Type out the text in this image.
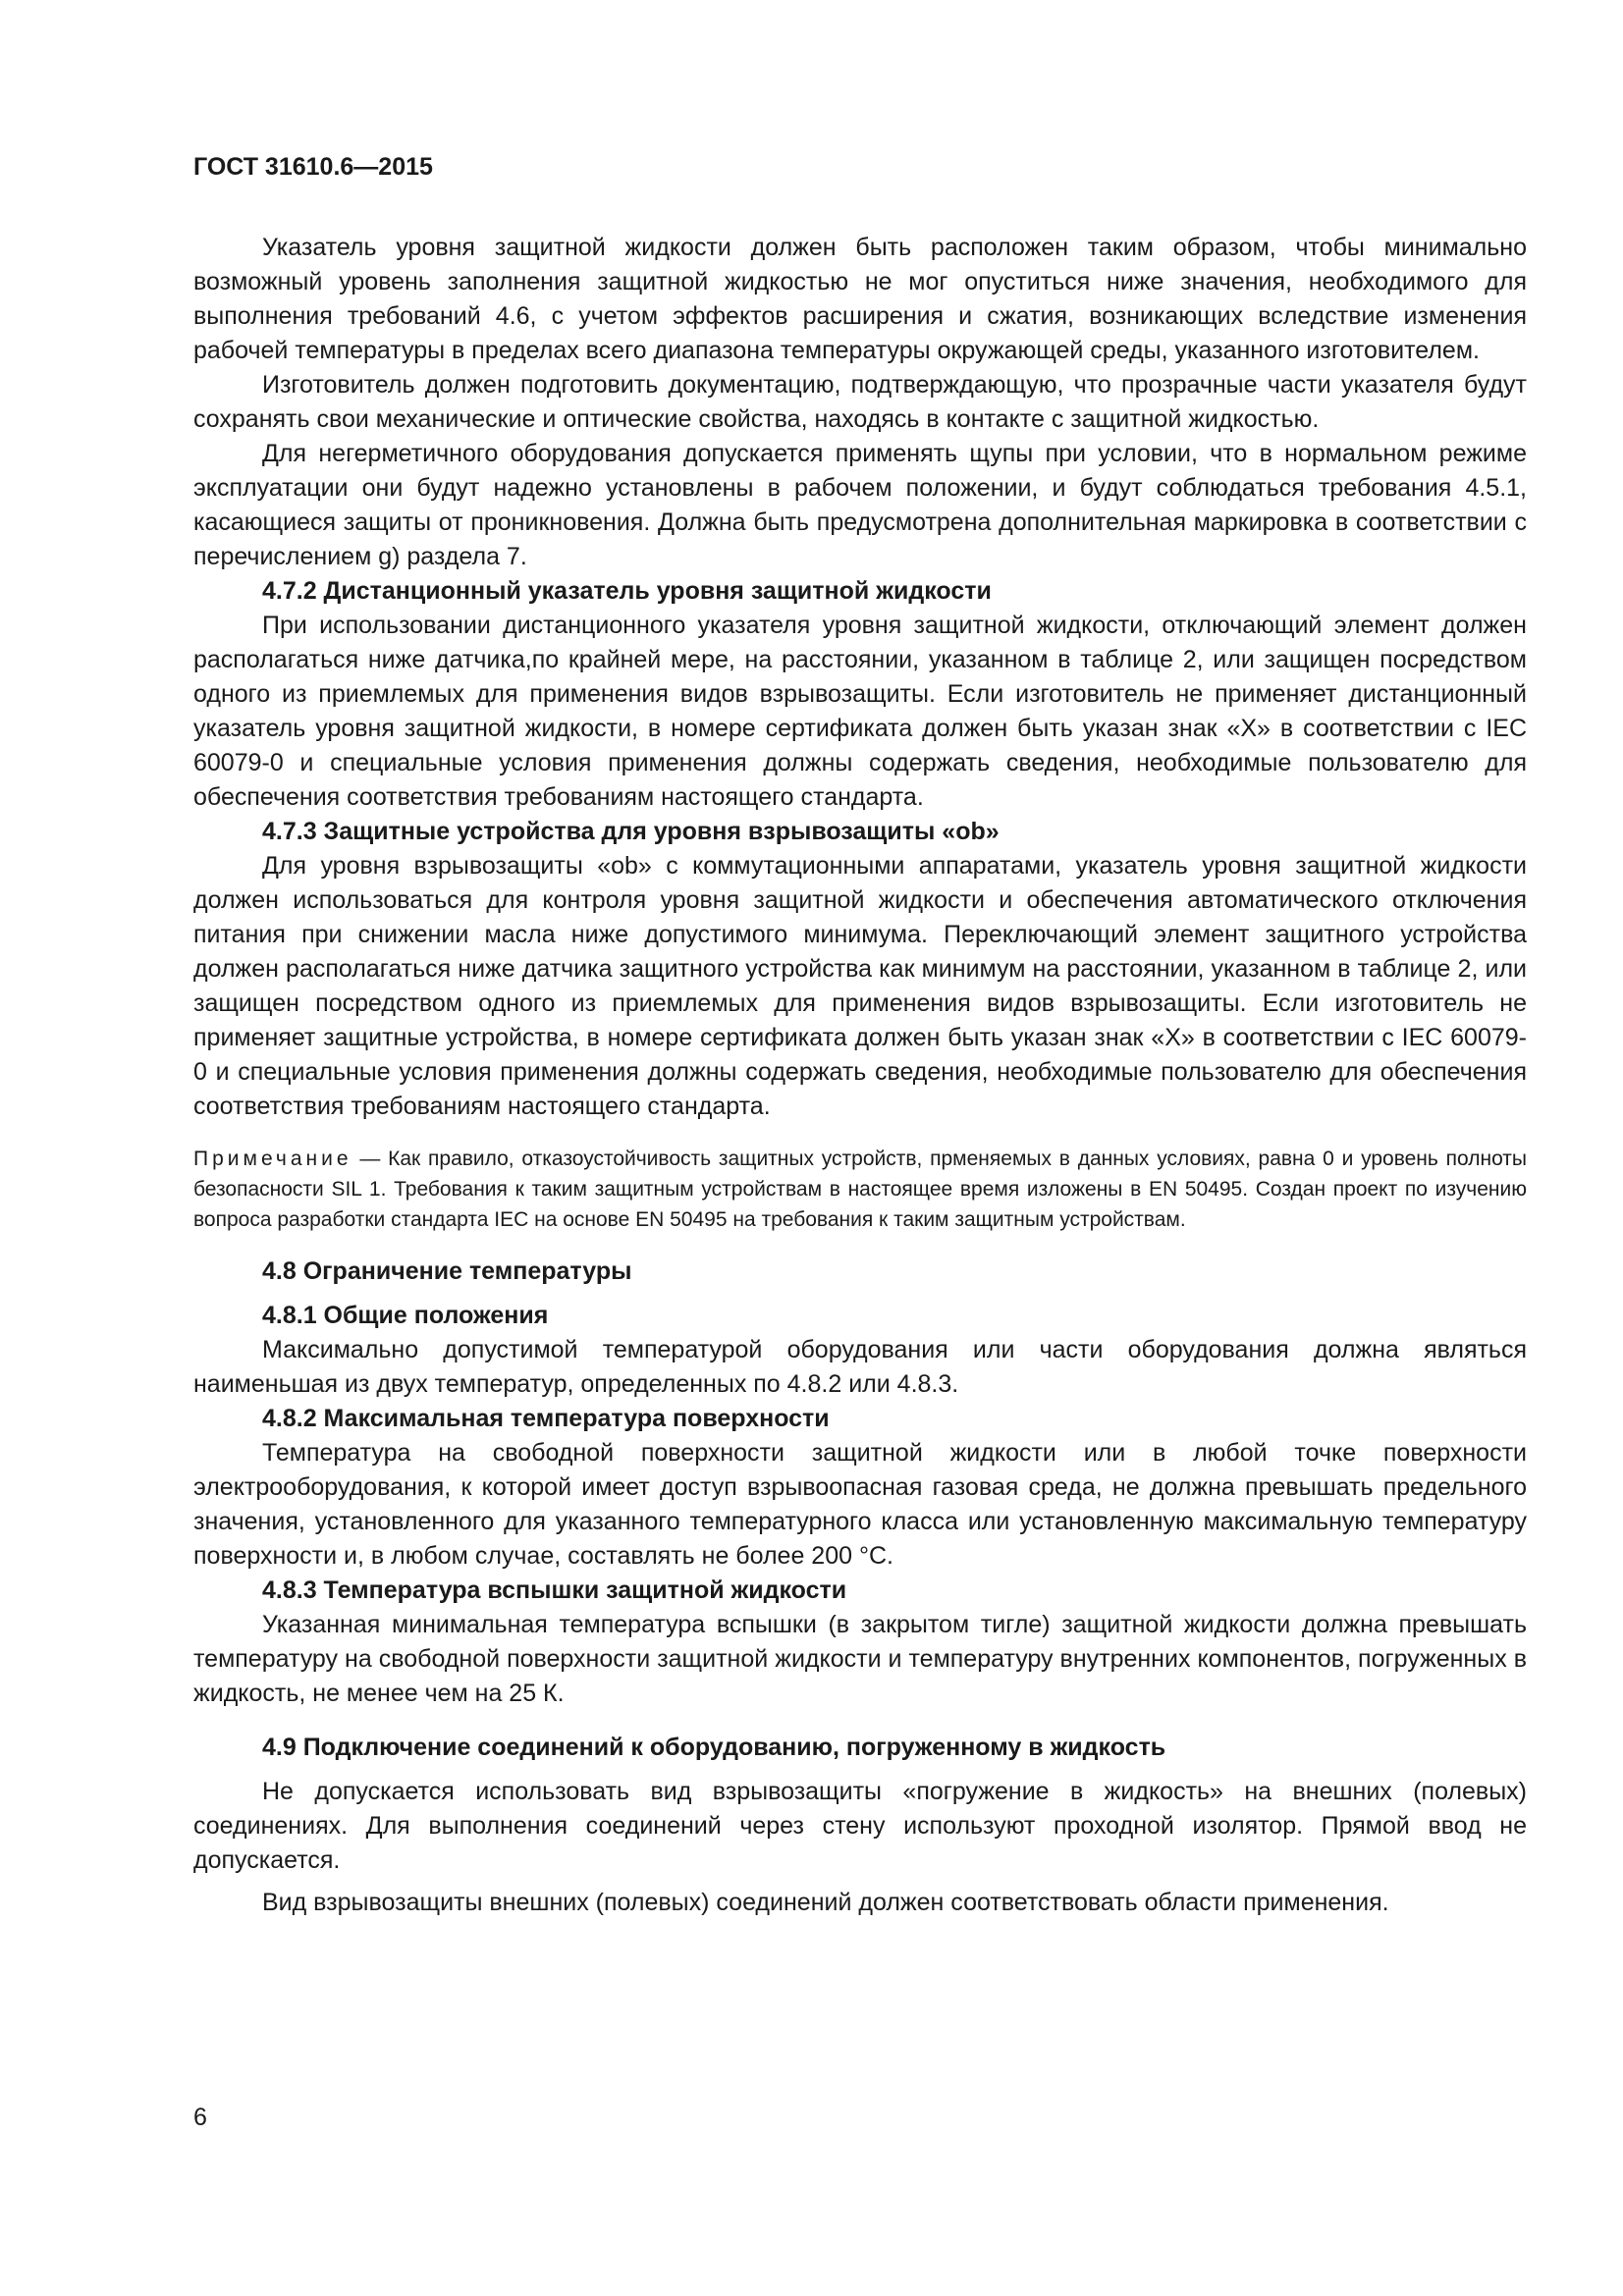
ГОСТ 31610.6—2015

Указатель уровня защитной жидкости должен быть расположен таким образом, чтобы минимально возможный уровень заполнения защитной жидкостью не мог опуститься ниже значения, необходимого для выполнения требований 4.6, с учетом эффектов расширения и сжатия, возникающих вследствие изменения рабочей температуры в пределах всего диапазона температуры окружающей среды, указанного изготовителем.

Изготовитель должен подготовить документацию, подтверждающую, что прозрачные части указателя будут сохранять свои механические и оптические свойства, находясь в контакте с защитной жидкостью.

Для негерметичного оборудования допускается применять щупы при условии, что в нормальном режиме эксплуатации они будут надежно установлены в рабочем положении, и будут соблюдаться требования 4.5.1, касающиеся защиты от проникновения. Должна быть предусмотрена дополнительная маркировка в соответствии с перечислением g) раздела 7.

4.7.2 Дистанционный указатель уровня защитной жидкости

При использовании дистанционного указателя уровня защитной жидкости, отключающий элемент должен располагаться ниже датчика,по крайней мере, на расстоянии, указанном в таблице 2, или защищен посредством одного из приемлемых для применения видов взрывозащиты. Если изготовитель не применяет дистанционный указатель уровня защитной жидкости, в номере сертификата должен быть указан знак «X» в соответствии с IEC 60079-0 и специальные условия применения должны содержать сведения, необходимые пользователю для обеспечения соответствия требованиям настоящего стандарта.

4.7.3 Защитные устройства для уровня взрывозащиты «ob»

Для уровня взрывозащиты «ob» с коммутационными аппаратами, указатель уровня защитной жидкости должен использоваться для контроля уровня защитной жидкости и обеспечения автоматического отключения питания при снижении масла ниже допустимого минимума. Переключающий элемент защитного устройства должен располагаться ниже датчика защитного устройства как минимум на расстоянии, указанном в таблице 2, или защищен посредством одного из приемлемых для применения видов взрывозащиты. Если изготовитель не применяет защитные устройства, в номере сертификата должен быть указан знак «X» в соответствии с IEC 60079-0 и специальные условия применения должны содержать сведения, необходимые пользователю для обеспечения соответствия требованиям настоящего стандарта.

Примечание — Как правило, отказоустойчивость защитных устройств, прменяемых в данных условиях, равна 0 и уровень полноты безопасности SIL 1. Требования к таким защитным устройствам в настоящее время изложены в EN 50495. Создан проект по изучению вопроса разработки стандарта IEC на основе EN 50495 на требования к таким защитным устройствам.

4.8 Ограничение температуры

4.8.1 Общие положения

Максимально допустимой температурой оборудования или части оборудования должна являться наименьшая из двух температур, определенных по 4.8.2 или 4.8.3.

4.8.2 Максимальная температура поверхности

Температура на свободной поверхности защитной жидкости или в любой точке поверхности электрооборудования, к которой имеет доступ взрывоопасная газовая среда, не должна превышать предельного значения, установленного для указанного температурного класса или установленную максимальную температуру поверхности и, в любом случае, составлять не более 200 °С.

4.8.3 Температура вспышки защитной жидкости

Указанная минимальная температура вспышки (в закрытом тигле) защитной жидкости должна превышать температуру на свободной поверхности защитной жидкости и температуру внутренних компонентов, погруженных в жидкость, не менее чем на 25 К.

4.9 Подключение соединений к оборудованию, погруженному в жидкость

Не допускается использовать вид взрывозащиты «погружение в жидкость» на внешних (полевых) соединениях. Для выполнения соединений через стену используют проходной изолятор. Прямой ввод не допускается.

Вид взрывозащиты внешних (полевых) соединений должен соответствовать области применения.

6
